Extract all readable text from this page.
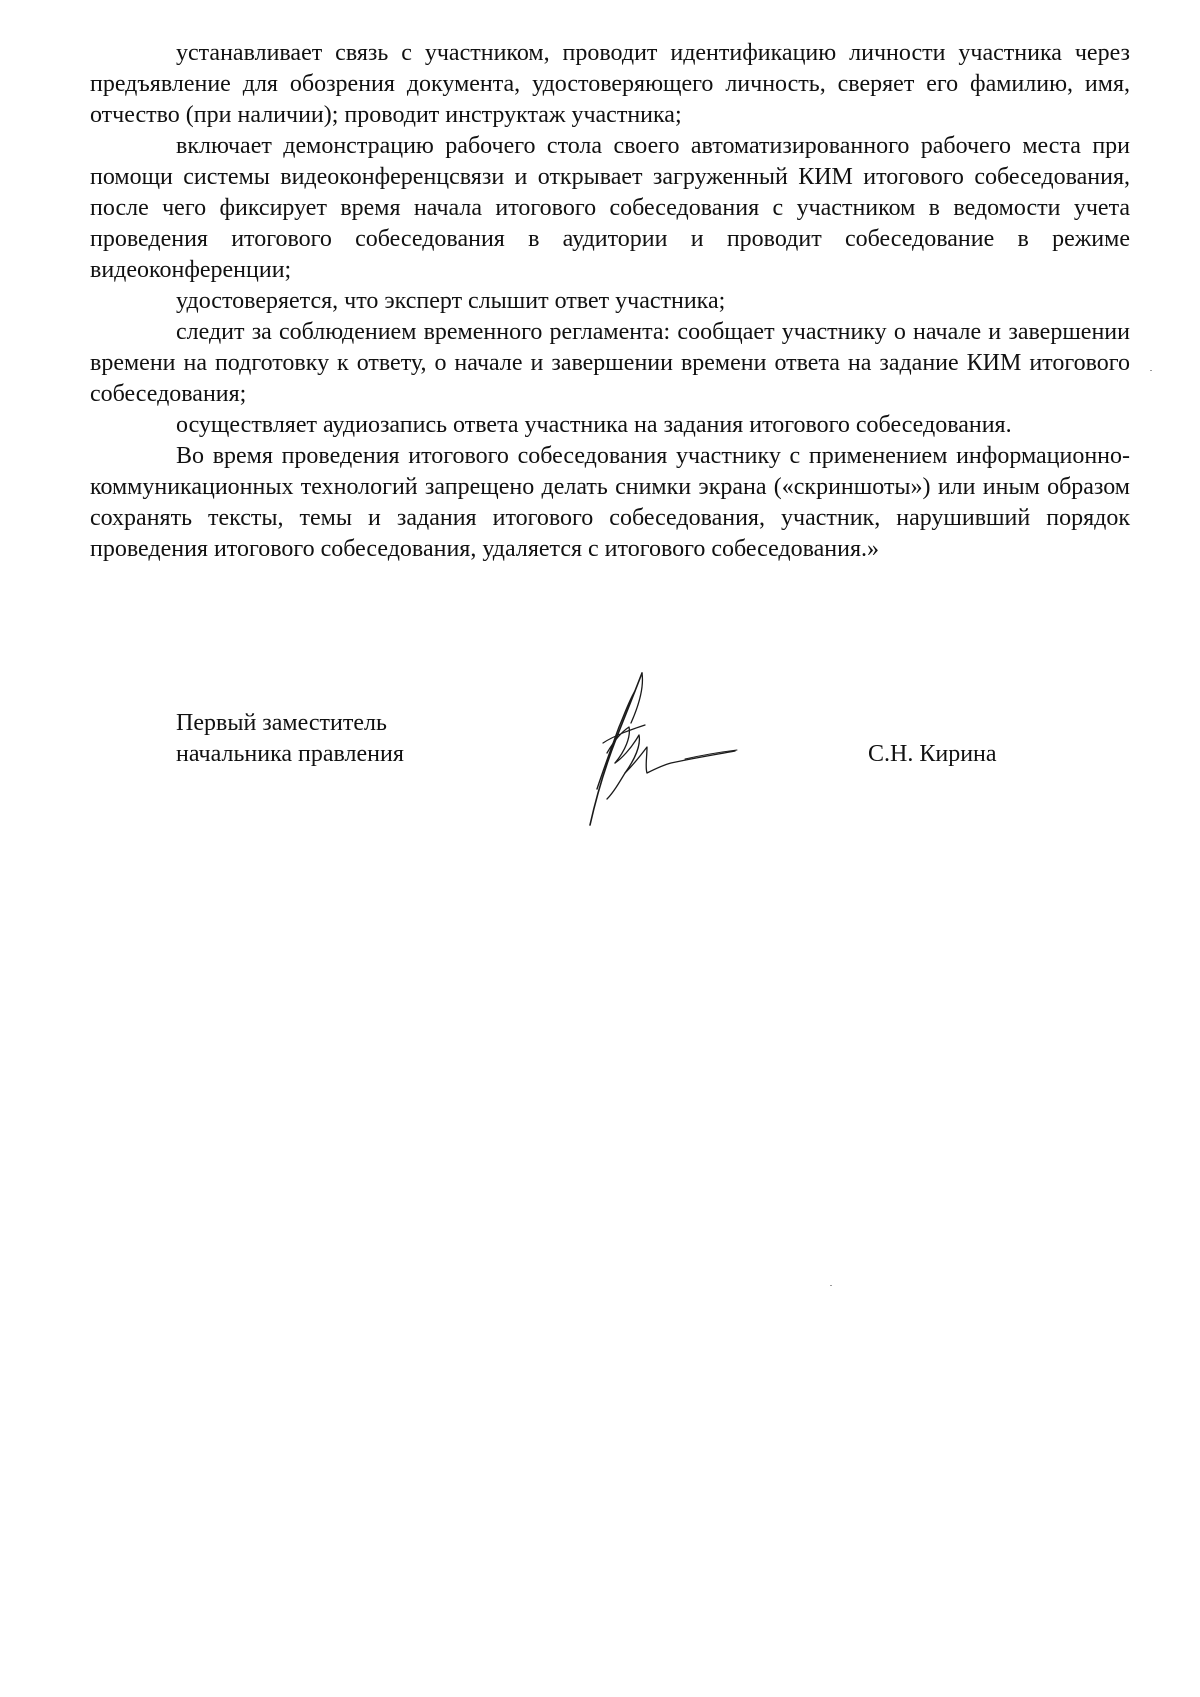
устанавливает связь с участником, проводит идентификацию личности участника через предъявление для обозрения документа, удостоверяющего личность, сверяет его фамилию, имя, отчество (при наличии); проводит инструктаж участника;

включает демонстрацию рабочего стола своего автоматизированного рабочего места при помощи системы видеоконференцсвязи и открывает загруженный КИМ итогового собеседования, после чего фиксирует время начала итогового собеседования с участником в ведомости учета проведения итогового собеседования в аудитории и проводит собеседование в режиме видеоконференции;

удостоверяется, что эксперт слышит ответ участника;

следит за соблюдением временного регламента: сообщает участнику о начале и завершении времени на подготовку к ответу, о начале и завершении времени ответа на задание КИМ итогового собеседования;

осуществляет аудиозапись ответа участника на задания итогового собеседования.

Во время проведения итогового собеседования участнику с применением информационно-коммуникационных технологий запрещено делать снимки экрана («скриншоты») или иным образом сохранять тексты, темы и задания итогового собеседования, участник, нарушивший порядок проведения итогового собеседования, удаляется с итогового собеседования.»

Первый заместитель
начальника правления	С.Н. Кирина
